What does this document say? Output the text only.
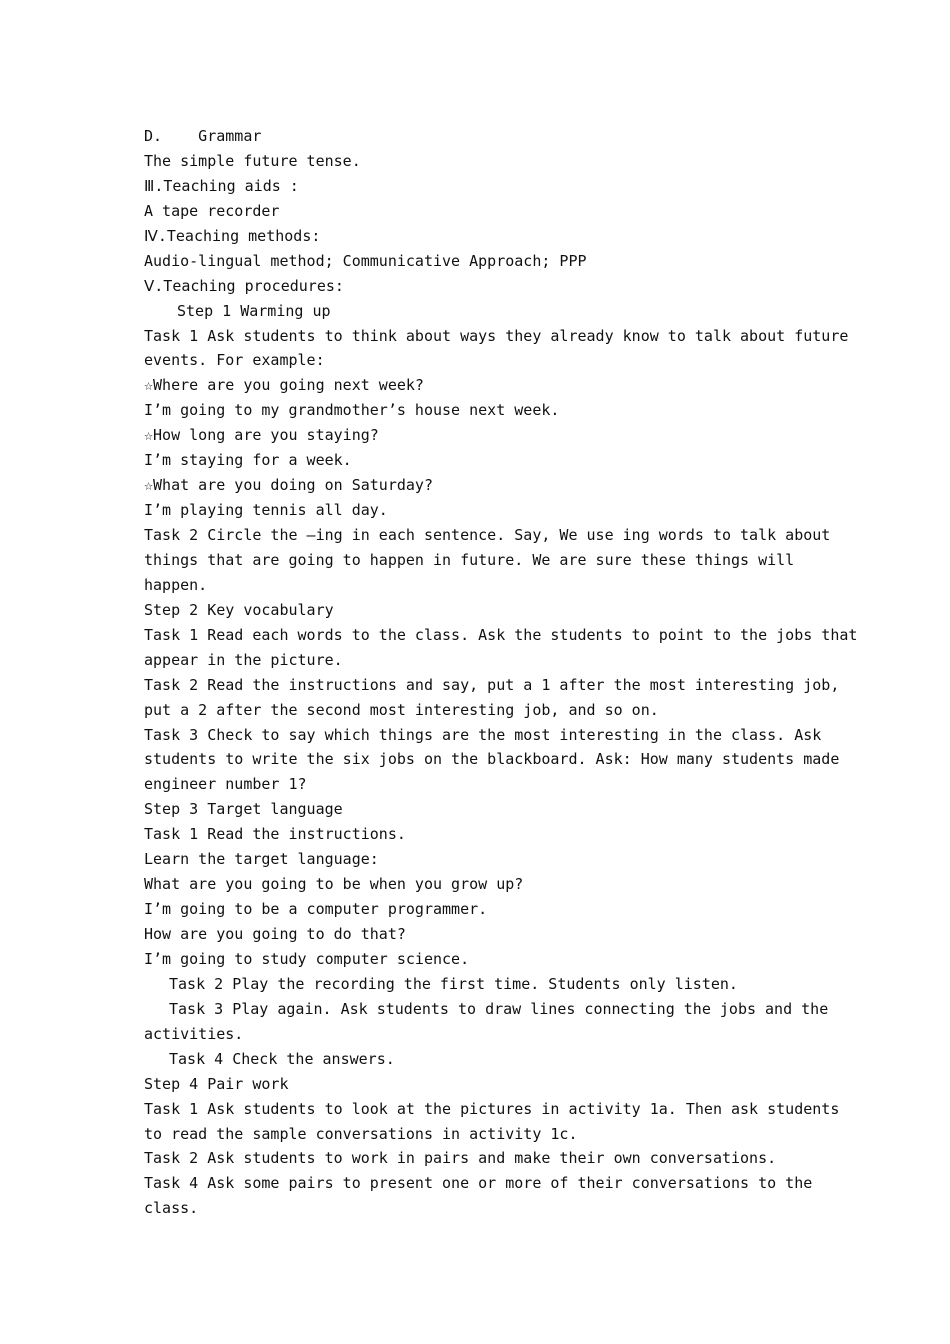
D.    Grammar
The simple future tense.
Ⅲ.Teaching aids :
A tape recorder
Ⅳ.Teaching methods:
Audio-lingual method; Communicative Approach; PPP
Ⅴ.Teaching procedures:
Step 1 Warming up
Task 1 Ask students to think about ways they already know to talk about future
events. For example:
☆Where are you going next week?
I’m going to my grandmother’s house next week.
☆How long are you staying?
I’m staying for a week.
☆What are you doing on Saturday?
I’m playing tennis all day.
Task 2 Circle the –ing in each sentence. Say, We use ing words to talk about
things that are going to happen in future. We are sure these things will
happen.
Step 2 Key vocabulary
Task 1 Read each words to the class. Ask the students to point to the jobs that
appear in the picture.
Task 2 Read the instructions and say, put a 1 after the most interesting job,
put a 2 after the second most interesting job, and so on.
Task 3 Check to say which things are the most interesting in the class. Ask
students to write the six jobs on the blackboard. Ask: How many students made
engineer number 1?
Step 3 Target language
Task 1 Read the instructions.
Learn the target language:
What are you going to be when you grow up?
I’m going to be a computer programmer.
How are you going to do that?
I’m going to study computer science.
Task 2 Play the recording the first time. Students only listen.
Task 3 Play again. Ask students to draw lines connecting the jobs and the
activities.
Task 4 Check the answers.
Step 4 Pair work
Task 1 Ask students to look at the pictures in activity 1a. Then ask students
to read the sample conversations in activity 1c.
Task 2 Ask students to work in pairs and make their own conversations.
Task 4 Ask some pairs to present one or more of their conversations to the
class.
